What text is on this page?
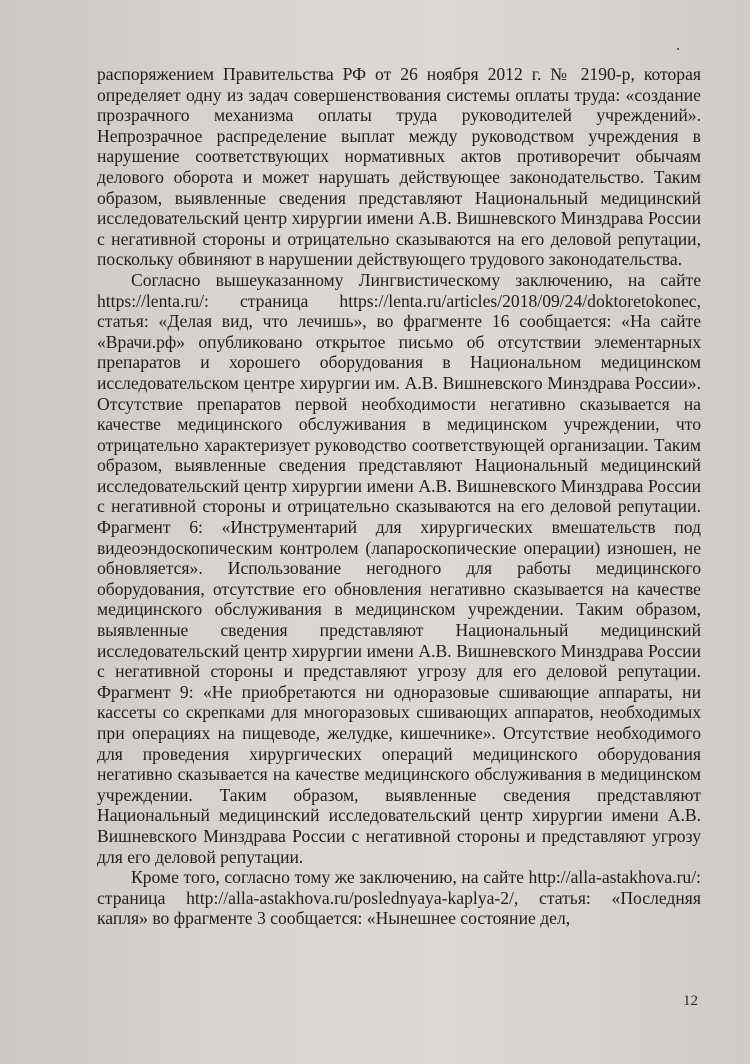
распоряжением Правительства РФ от 26 ноября 2012 г. № 2190-р, которая определяет одну из задач совершенствования системы оплаты труда: «создание прозрачного механизма оплаты труда руководителей учреждений». Непрозрачное распределение выплат между руководством учреждения в нарушение соответствующих нормативных актов противоречит обычаям делового оборота и может нарушать действующее законодательство. Таким образом, выявленные сведения представляют Национальный медицинский исследовательский центр хирургии имени А.В. Вишневского Минздрава России с негативной стороны и отрицательно сказываются на его деловой репутации, поскольку обвиняют в нарушении действующего трудового законодательства.

Согласно вышеуказанному Лингвистическому заключению, на сайте https://lenta.ru/: страница https://lenta.ru/articles/2018/09/24/doktoretokonec, статья: «Делая вид, что лечишь», во фрагменте 16 сообщается: «На сайте «Врачи.рф» опубликовано открытое письмо об отсутствии элементарных препаратов и хорошего оборудования в Национальном медицинском исследовательском центре хирургии им. А.В. Вишневского Минздрава России». Отсутствие препаратов первой необходимости негативно сказывается на качестве медицинского обслуживания в медицинском учреждении, что отрицательно характеризует руководство соответствующей организации. Таким образом, выявленные сведения представляют Национальный медицинский исследовательский центр хирургии имени А.В. Вишневского Минздрава России с негативной стороны и отрицательно сказываются на его деловой репутации. Фрагмент 6: «Инструментарий для хирургических вмешательств под видеоэндоскопическим контролем (лапароскопические операции) изношен, не обновляется». Использование негодного для работы медицинского оборудования, отсутствие его обновления негативно сказывается на качестве медицинского обслуживания в медицинском учреждении. Таким образом, выявленные сведения представляют Национальный медицинский исследовательский центр хирургии имени А.В. Вишневского Минздрава России с негативной стороны и представляют угрозу для его деловой репутации. Фрагмент 9: «Не приобретаются ни одноразовые сшивающие аппараты, ни кассеты со скрепками для многоразовых сшивающих аппаратов, необходимых при операциях на пищеводе, желудке, кишечнике». Отсутствие необходимого для проведения хирургических операций медицинского оборудования негативно сказывается на качестве медицинского обслуживания в медицинском учреждении. Таким образом, выявленные сведения представляют Национальный медицинский исследовательский центр хирургии имени А.В. Вишневского Минздрава России с негативной стороны и представляют угрозу для его деловой репутации.

Кроме того, согласно тому же заключению, на сайте http://alla-astakhova.ru/: страница http://alla-astakhova.ru/poslednyaya-kaplya-2/, статья: «Последняя капля» во фрагменте 3 сообщается: «Нынешнее состояние дел,

12
